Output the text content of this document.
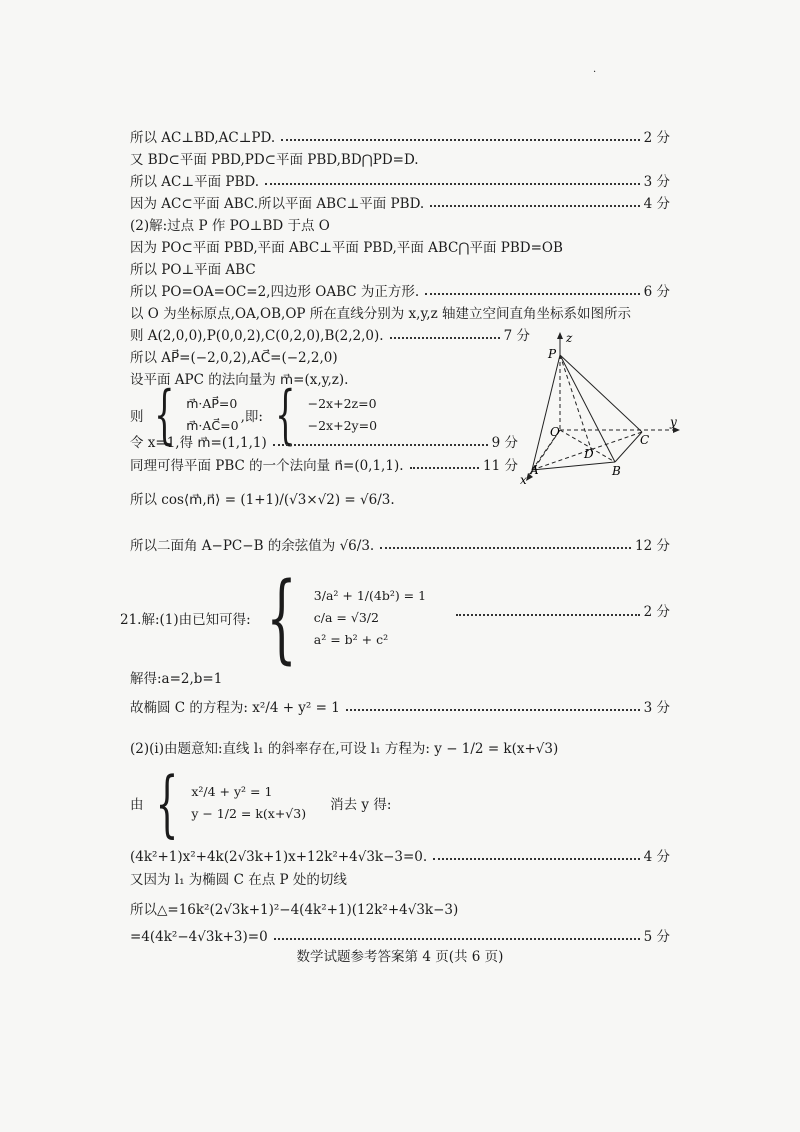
.
所以 AC⊥BD,AC⊥PD.	2 分
又 BD⊂平面 PBD,PD⊂平面 PBD,BD⋂PD=D.
所以 AC⊥平面 PBD.	3 分
因为 AC⊂平面 ABC.所以平面 ABC⊥平面 PBD.	4 分
(2)解:过点 P 作 PO⊥BD 于点 O
因为 PO⊂平面 PBD,平面 ABC⊥平面 PBD,平面 ABC⋂平面 PBD=OB
所以 PO⊥平面 ABC
所以 PO=OA=OC=2,四边形 OABC 为正方形.	6 分
以 O 为坐标原点,OA,OB,OP 所在直线分别为 x,y,z 轴建立空间直角坐标系如图所示
则 A(2,0,0),P(0,0,2),C(0,2,0),B(2,2,0).	7 分
所以 AP⃗=(−2,0,2),AC⃗=(−2,2,0)
设平面 APC 的法向量为 m⃗=(x,y,z).
则 { m⃗·AP⃗=0
m⃗·AC⃗=0
,即: { −2x+2z=0
−2x+2y=0
令 x=1,得 m⃗=(1,1,1)	9 分
同理可得平面 PBC 的一个法向量 n⃗=(0,1,1).	11 分
所以 cos⟨m⃗,n⃗⟩ = (1+1)/(√3×√2) = √6/3.
所以二面角 A−PC−B 的余弦值为 √6/3.	12 分
21.解:(1)由已知可得: { 3/a² + 1/(4b²) = 1
c/a = √3/2
a² = b² + c²
2 分
解得:a=2,b=1
故椭圆 C 的方程为: x²/4 + y² = 1	3 分
(2)(i)由题意知:直线 l₁ 的斜率存在,可设 l₁ 方程为: y − 1/2 = k(x+√3)
由 { x²/4 + y² = 1
y − 1/2 = k(x+√3)
消去 y 得:
(4k²+1)x²+4k(2√3k+1)x+12k²+4√3k−3=0.	4 分
又因为 l₁ 为椭圆 C 在点 P 处的切线
所以△=16k²(2√3k+1)²−4(4k²+1)(12k²+4√3k−3)
=4(4k²−4√3k+3)=0	5 分
P
z
O
y
C
D
A	B
x
数学试题参考答案第 4 页(共 6 页)
